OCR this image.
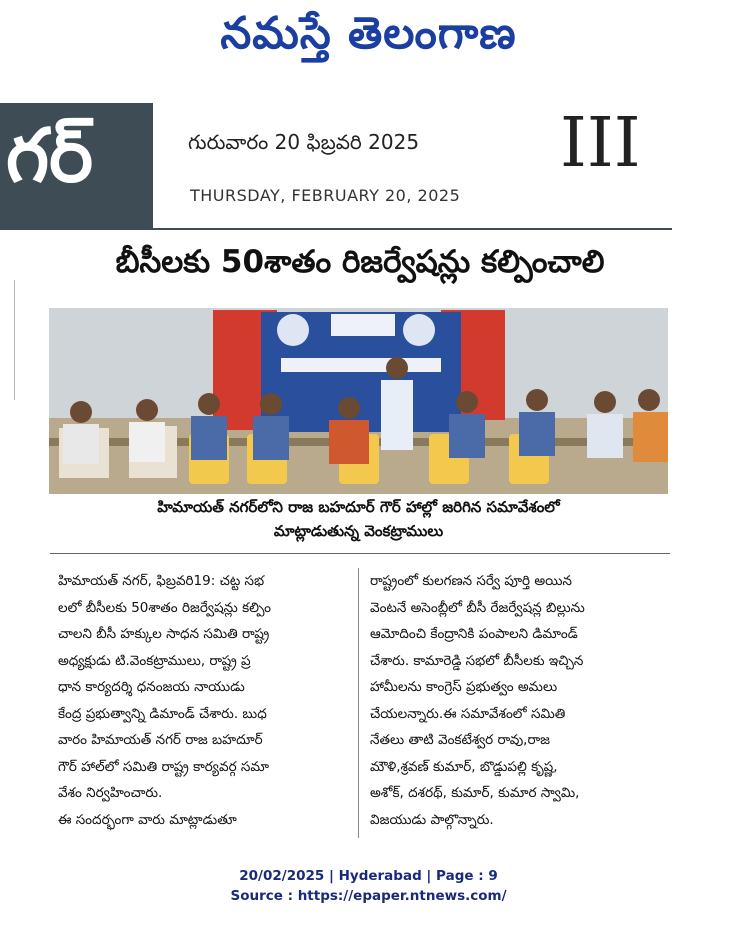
నమస్తే తెలంగాణ
గర్	గురువారం 20 ఫిబ్రవరి 2025
THURSDAY, FEBRUARY 20, 2025
III
బీసీలకు 50శాతం రిజర్వేషన్లు కల్పించాలి
హిమాయత్ నగర్‌లోని రాజ బహదూర్ గౌర్ హాల్లో జరిగిన సమావేశంలో
మాట్లాడుతున్న వెంకట్రాములు
హిమాయత్ నగర్, ఫిబ్రవరి19: చట్ట సభ
లలో బీసీలకు 50శాతం రిజర్వేషన్లు కల్పిం
చాలని బీసీ హక్కుల సాధన సమితి రాష్ట్ర
అధ్యక్షుడు టి.వెంకట్రాములు, రాష్ట్ర ప్ర
ధాన కార్యదర్శి ధనంజయ నాయుడు
కేంద్ర ప్రభుత్వాన్ని డిమాండ్ చేశారు. బుధ
వారం హిమాయత్ నగర్ రాజ బహదూర్
గౌర్ హాల్‌లో సమితి రాష్ట్ర కార్యవర్గ సమా
వేశం నిర్వహించారు.
ఈ సందర్భంగా వారు మాట్లాడుతూ
రాష్ట్రంలో కులగణన సర్వే పూర్తి అయిన
వెంటనే అసెంబ్లీలో బీసీ రేజర్వేషన్ల బిల్లును
ఆమోదించి కేంద్రానికి పంపాలని డిమాండ్
చేశారు. కామారెడ్డి సభలో బీసీలకు ఇచ్చిన
హామీలను కాంగ్రెస్ ప్రభుత్వం అమలు
చేయలన్నారు.ఈ సమావేశంలో సమితి
నేతలు తాటి వెంకటేశ్వర రావు,రాజ
మౌళి,శ్రవణ్ కుమార్, బొడ్డుపల్లి కృష్ణ,
అశోక్, దశరథ్, కుమార్, కుమార స్వామి,
విజయుడు పాల్గొన్నారు.
20/02/2025 | Hyderabad | Page : 9
Source : https://epaper.ntnews.com/
